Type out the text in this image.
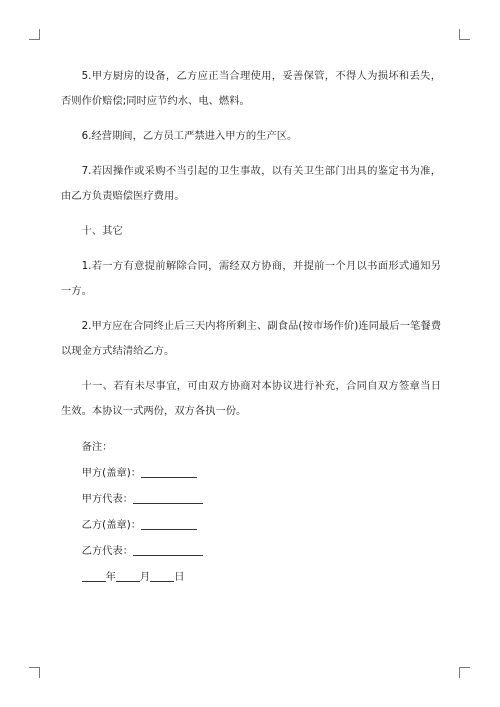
5.甲方厨房的设备，乙方应正当合理使用，妥善保管，不得人为损坏和丢失，否则作价赔偿;同时应节约水、电、燃料。

6.经营期间，乙方员工严禁进入甲方的生产区。

7.若因操作或采购不当引起的卫生事故，以有关卫生部门出具的鉴定书为准，由乙方负责赔偿医疗费用。

十、其它

1.若一方有意提前解除合同，需经双方协商，并提前一个月以书面形式通知另一方。

2.甲方应在合同终止后三天内将所剩主、副食品(按市场作价)连同最后一笔餐费以现金方式结清给乙方。

十一、若有未尽事宜，可由双方协商对本协议进行补充，合同自双方签章当日生效。本协议一式两份，双方各执一份。

备注：

甲方(盖章)：

甲方代表：

乙方(盖章)：

乙方代表：

年 月 日
